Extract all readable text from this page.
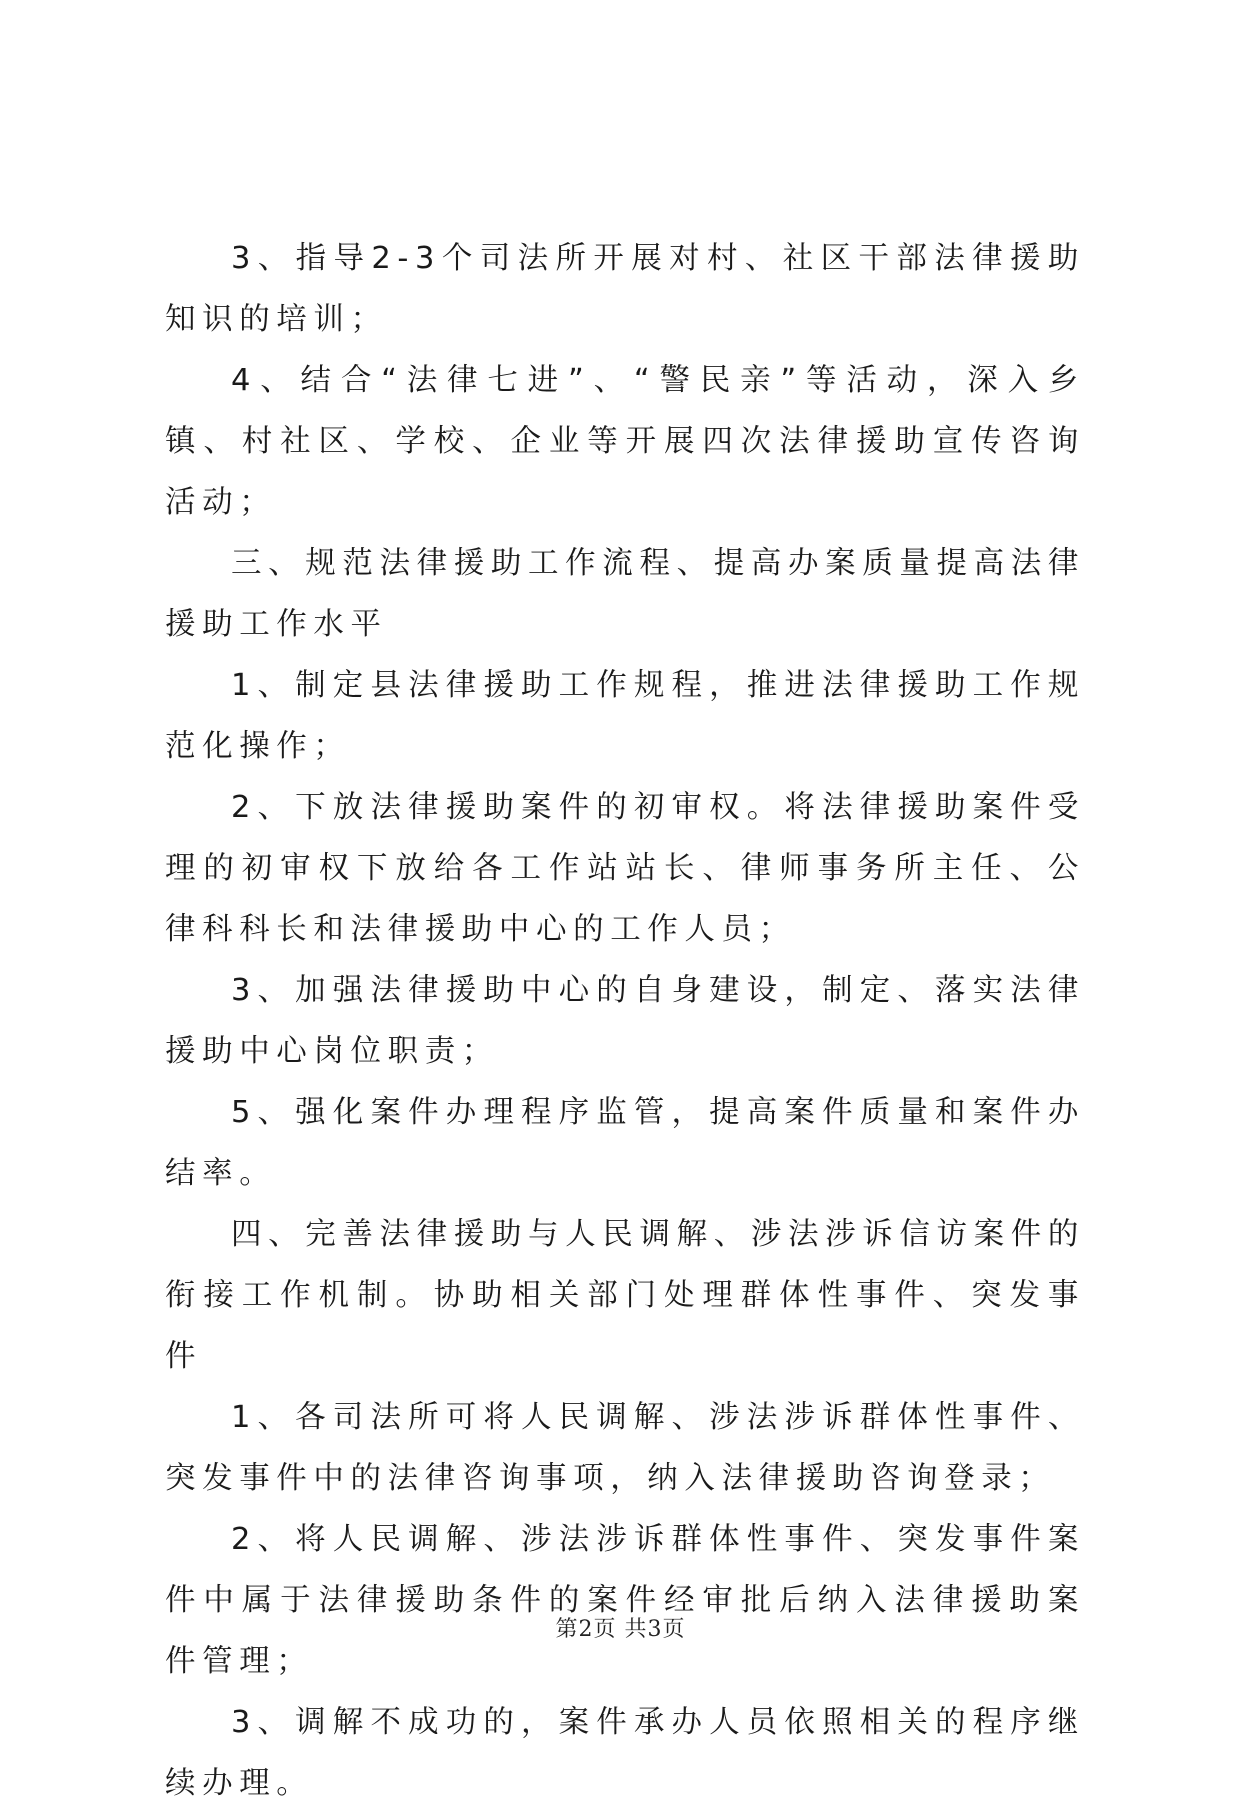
3、指导2-3个司法所开展对村、社区干部法律援助知识的培训；

4、结合“法律七进”、“警民亲”等活动，深入乡镇、村社区、学校、企业等开展四次法律援助宣传咨询活动；

三、规范法律援助工作流程、提高办案质量提高法律援助工作水平

1、制定县法律援助工作规程，推进法律援助工作规范化操作；

2、下放法律援助案件的初审权。将法律援助案件受理的初审权下放给各工作站站长、律师事务所主任、公律科科长和法律援助中心的工作人员；

3、加强法律援助中心的自身建设，制定、落实法律援助中心岗位职责；

5、强化案件办理程序监管，提高案件质量和案件办结率。

四、完善法律援助与人民调解、涉法涉诉信访案件的衔接工作机制。协助相关部门处理群体性事件、突发事件

1、各司法所可将人民调解、涉法涉诉群体性事件、突发事件中的法律咨询事项，纳入法律援助咨询登录；

2、将人民调解、涉法涉诉群体性事件、突发事件案件中属于法律援助条件的案件经审批后纳入法律援助案件管理；

3、调解不成功的，案件承办人员依照相关的程序继续办理。

第2页 共3页
